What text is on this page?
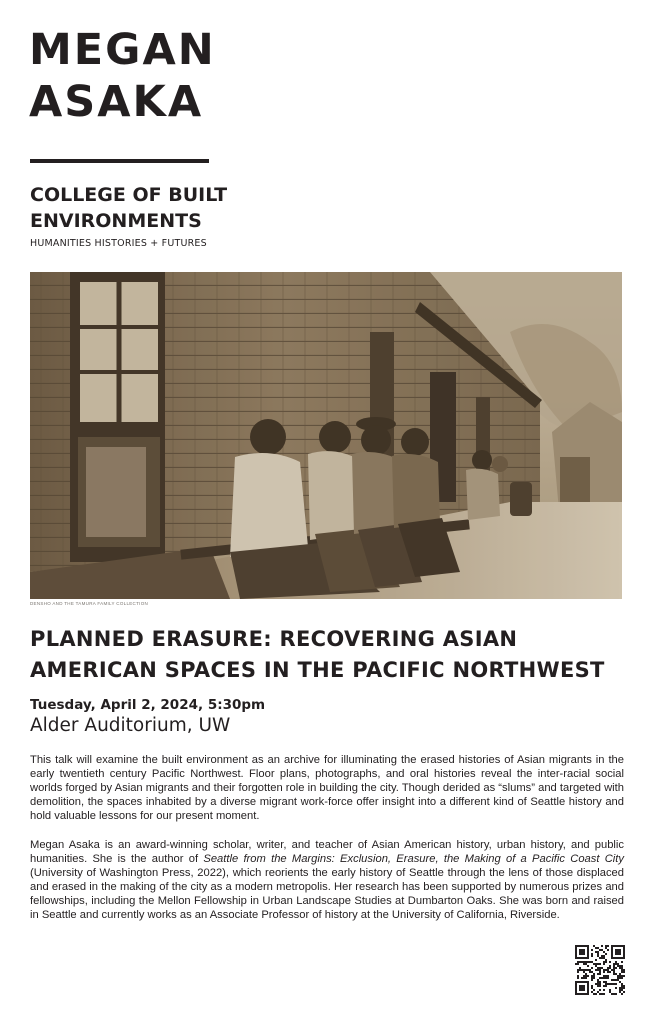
MEGAN
ASAKA
COLLEGE OF BUILT
ENVIRONMENTS
HUMANITIES HISTORIES + FUTURES
DENSHO AND THE TAMURA FAMILY COLLECTION
PLANNED ERASURE: RECOVERING ASIAN
AMERICAN SPACES IN THE PACIFIC NORTHWEST
Tuesday, April 2, 2024, 5:30pm
Alder Auditorium, UW

This talk will examine the built environment as an archive for illuminating the erased histories of Asian migrants in the early twentieth century Pacific Northwest. Floor plans, photographs, and oral histories reveal the inter-racial social worlds forged by Asian migrants and their forgotten role in building the city. Though derided as “slums” and targeted with demolition, the spaces inhabited by a diverse migrant work-force offer insight into a different kind of Seattle history and hold valuable lessons for our present moment.

Megan Asaka is an award-winning scholar, writer, and teacher of Asian American history, urban history, and public humanities. She is the author of Seattle from the Margins: Exclusion, Erasure, the Making of a Pacific Coast City (University of Washington Press, 2022), which reorients the early history of Seattle through the lens of those displaced and erased in the making of the city as a modern metropolis. Her research has been supported by numerous prizes and fellowships, including the Mellon Fellowship in Urban Landscape Studies at Dumbarton Oaks. She was born and raised in Seattle and currently works as an Associate Professor of history at the University of California, Riverside.
